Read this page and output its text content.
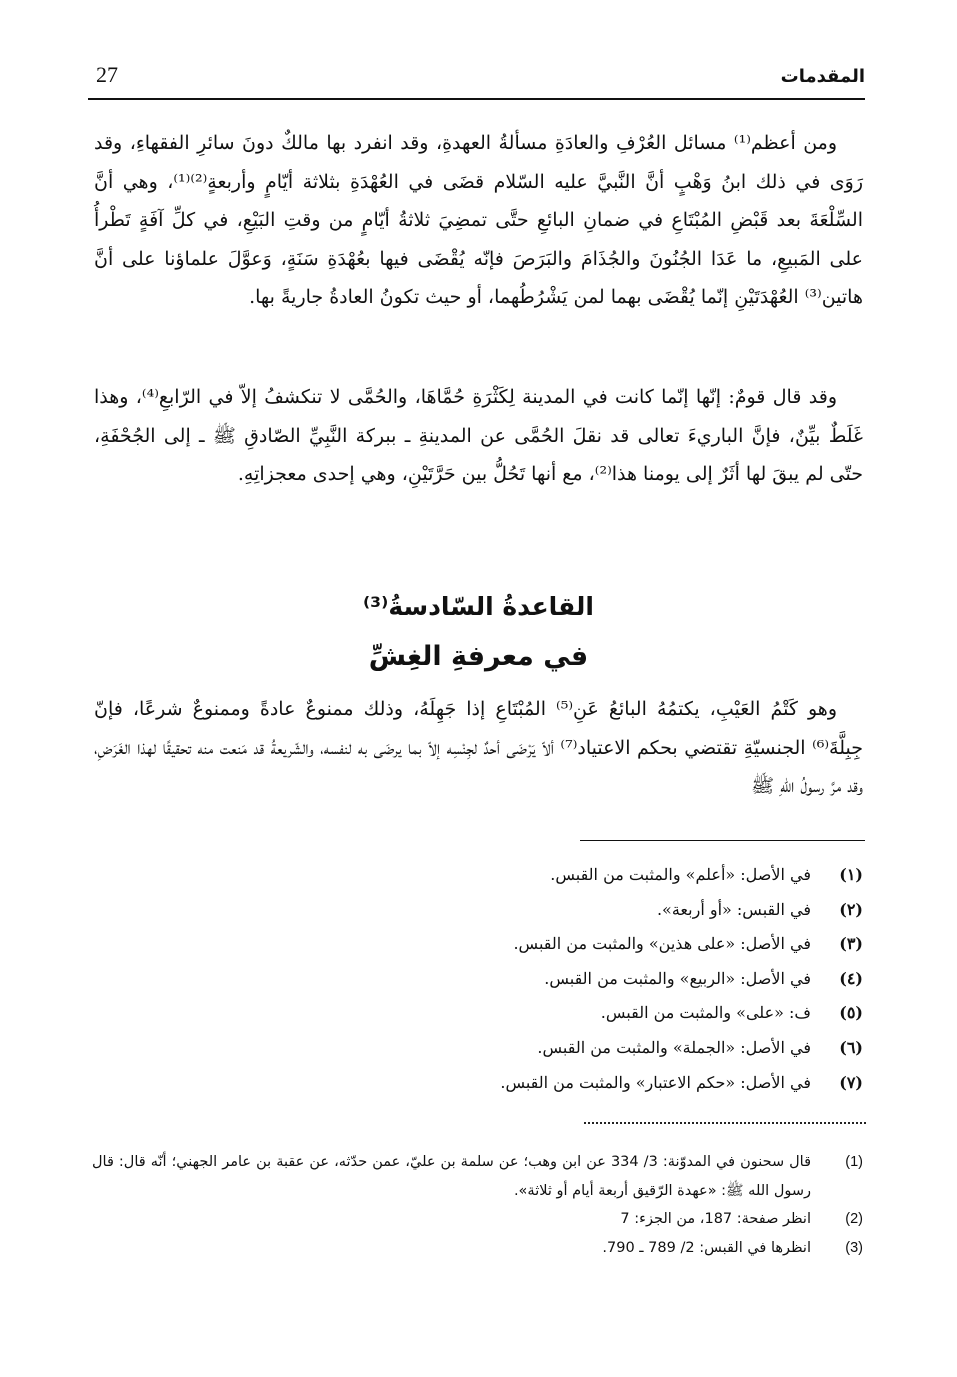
27	المقدمات

ومن أعظم⁽¹⁾ مسائل العُرْفِ والعادَةِ مسألةُ العهدةِ، وقد انفرد بها مالكٌ دونَ سائرِ الفقهاءِ، وقد رَوَى في ذلك ابنُ وَهْبٍ أنَّ النَّبيَّ عليه السّلام قضَى في العُهْدَةِ بثلاثة أيّامٍ وأربعةٍ⁽²⁾⁽¹⁾، وهي أنَّ السِّلْعَةَ بعد قَبْضِ المُبْتَاعِ في ضمانِ البائعِ حتَّى تمضِيَ ثلاثةُ أيّامٍ من وقتِ البَيْعِ، في كلِّ آفَةٍ تَطْرأُ على المَبيعِ، ما عَدَا الجُنُونَ والجُذَامَ والبَرَصَ فإنّه يُقْضَى فيها بعُهْدَةِ سَنَةٍ، وَعوَّلَ علماؤنا على أنَّ هاتين⁽³⁾ العُهْدَتَيْنِ إنّما يُقْضَى بهما لمن يَشْرُطُهما، أو حيث تكونُ العادةُ جاريةً بها.

وقد قال قومٌ: إنّها إنّما كانت في المدينة لِكَثْرَةِ حُمَّاهَا، والحُمَّى لا تنكشفُ إلاّ في الرّابعِ⁽⁴⁾، وهذا غَلَطٌ بيِّنٌ، فإنَّ الباريءَ تعالى قد نقلَ الحُمَّى عن المدينةِ ـ ببركة النَّبِيِّ الصّادقِ ﷺ ـ إلى الجُحْفَةِ، حتّى لم يبقَ لها أثَرٌ إلى يومنا هذا⁽²⁾، مع أنها تَحُلُّ بين حَرَّتَيْنِ، وهي إحدى معجزاتِهِ.

القاعدةُ السّادسةُ⁽³⁾
في معرفةِ الغِشِّ

وهو كَتْمُ العَيْبِ، يكتمُهُ البائعُ عَنِ⁽⁵⁾ المُبْتَاعِ إذا جَهِلَهُ، وذلك ممنوعٌ عادةً وممنوعٌ شرعًا، فإنّ جِبِلَّةَ⁽⁶⁾ الجنسيّةِ تقتضي بحكم الاعتياد⁽⁷⁾ ألاّ يَرْضَى أحدٌ لجِنْسِه إلاّ بما يرضَى به لنفسه، والشّريعةُ قد مَنعت منه تحقيقًا لهذا الغَرَضِ، وقد مرَّ رسولُ اللّهِ ﷺ

(١)
في الأصل: «أعلم» والمثبت من القبس.
(٢)
في القبس: «أو أربعة».
(٣)
في الأصل: «على هذين» والمثبت من القبس.
(٤)
في الأصل: «الربيع» والمثبت من القبس.
(٥)
ف: «على» والمثبت من القبس.
(٦)
في الأصل: «الجملة» والمثبت من القبس.
(٧)
في الأصل: «حكم الاعتبار» والمثبت من القبس.
(1)
قال سحنون في المدوّنة: 3/ 334 عن ابن وهب؛ عن سلمة بن عليّ، عمن حدّثه، عن عقبة بن عامر الجهني؛ أنّه قال: قال رسول الله ﷺ: «عهدة الرّقيق أربعة أيام أو ثلاثة».
(2)
انظر صفحة: 187، من الجزء: 7
(3)
انظرها في القبس: 2/ 789 ـ 790.
